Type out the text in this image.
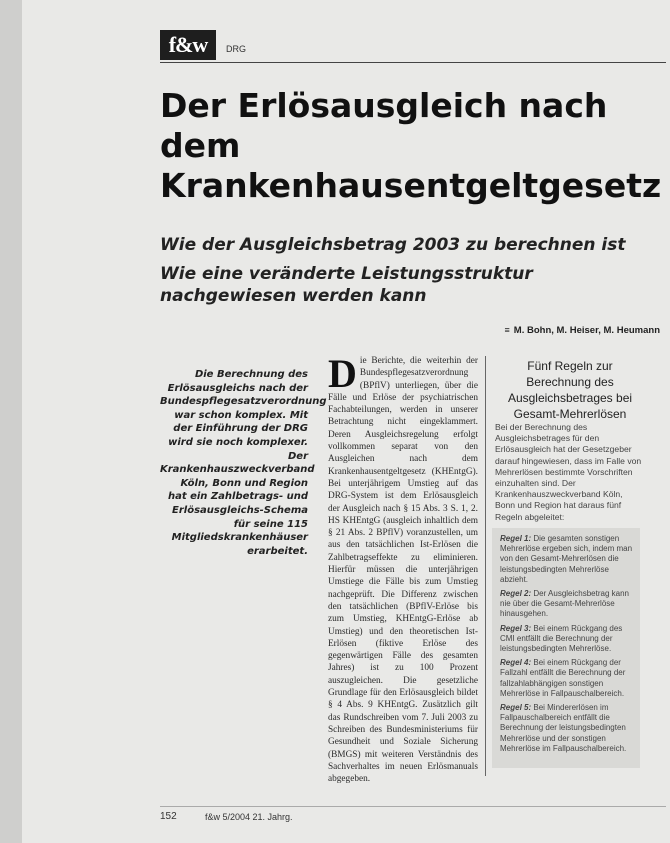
f&w	DRG
Der Erlösausgleich nach dem Krankenhausentgeltgesetz
Wie der Ausgleichsbetrag 2003 zu berechnen ist
Wie eine veränderte Leistungsstruktur nachgewiesen werden kann
≡ M. Bohn, M. Heiser, M. Heumann

Die Berechnung des Erlösausgleichs nach der Bundespflegesatzverordnung war schon komplex. Mit der Einführung der DRG wird sie noch komplexer. Der Krankenhauszweckverband Köln, Bonn und Region hat ein Zahlbetrags- und Erlösausgleichs-Schema für seine 115 Mitgliedskrankenhäuser erarbeitet.

Die Berichte, die weiterhin der Bundespflegesatzverordnung (BPflV) unterliegen, über die Fälle und Erlöse der psychiatrischen Fachabteilungen, werden in unserer Betrachtung nicht eingeklammert. Deren Ausgleichsregelung erfolgt vollkommen separat von den Ausgleichen nach dem Krankenhausentgeltgesetz (KHEntgG). Bei unterjährigem Umstieg auf das DRG-System ist dem Erlösausgleich der Ausgleich nach § 15 Abs. 3 S. 1, 2. HS KHEntgG (ausgleich inhaltlich dem § 21 Abs. 2 BPflV) voranzustellen, um aus den tatsächlichen Ist-Erlösen die Zahlbetragseffekte zu eliminieren. Hierfür müssen die unterjährigen Umstiege die Fälle bis zum Umstieg nachgeprüft. Die Differenz zwischen den tatsächlichen (BPflV-Erlöse bis zum Umstieg, KHEntgG-Erlöse ab Umstieg) und den theoretischen Ist-Erlösen (fiktive Erlöse des gegenwärtigen Fälle des gesamten Jahres) ist zu 100 Prozent auszugleichen. Die gesetzliche Grundlage für den Erlösausgleich bildet § 4 Abs. 9 KHEntgG. Zusätzlich gilt das Rundschreiben vom 7. Juli 2003 zu Schreiben des Bundesministeriums für Gesundheit und Soziale Sicherung (BMGS) mit weiteren Verständnis des Sachverhaltes im neuen Erlösmanuals abgegeben.
Fünf Regeln zur Berechnung des Ausgleichsbetrages bei Gesamt-Mehrerlösen
Bei der Berechnung des Ausgleichsbetrages für den Erlösausgleich hat der Gesetzgeber darauf hingewiesen, dass im Falle von Mehrerlösen bestimmte Vorschriften einzuhalten sind. Der Krankenhauszweckverband Köln, Bonn und Region hat daraus fünf Regeln abgeleitet:

Regel 1: Die gesamten sonstigen Mehrerlöse ergeben sich, indem man von den Gesamt-Mehrerlösen die leistungsbedingten Mehrerlöse abzieht.

Regel 2: Der Ausgleichsbetrag kann nie über die Gesamt-Mehrerlöse hinausgehen.

Regel 3: Bei einem Rückgang des CMI entfällt die Berechnung der leistungsbedingten Mehrerlöse.

Regel 4: Bei einem Rückgang der Fallzahl entfällt die Berechnung der fallzahlabhängigen sonstigen Mehrerlöse in Fallpauschalbereich.

Regel 5: Bei Mindererlösen im Fallpauschalbereich entfällt die Berechnung der leistungsbedingten Mehrerlöse und der sonstigen Mehrerlöse im Fallpauschalbereich.

152	f&w 5/2004 21. Jahrg.
